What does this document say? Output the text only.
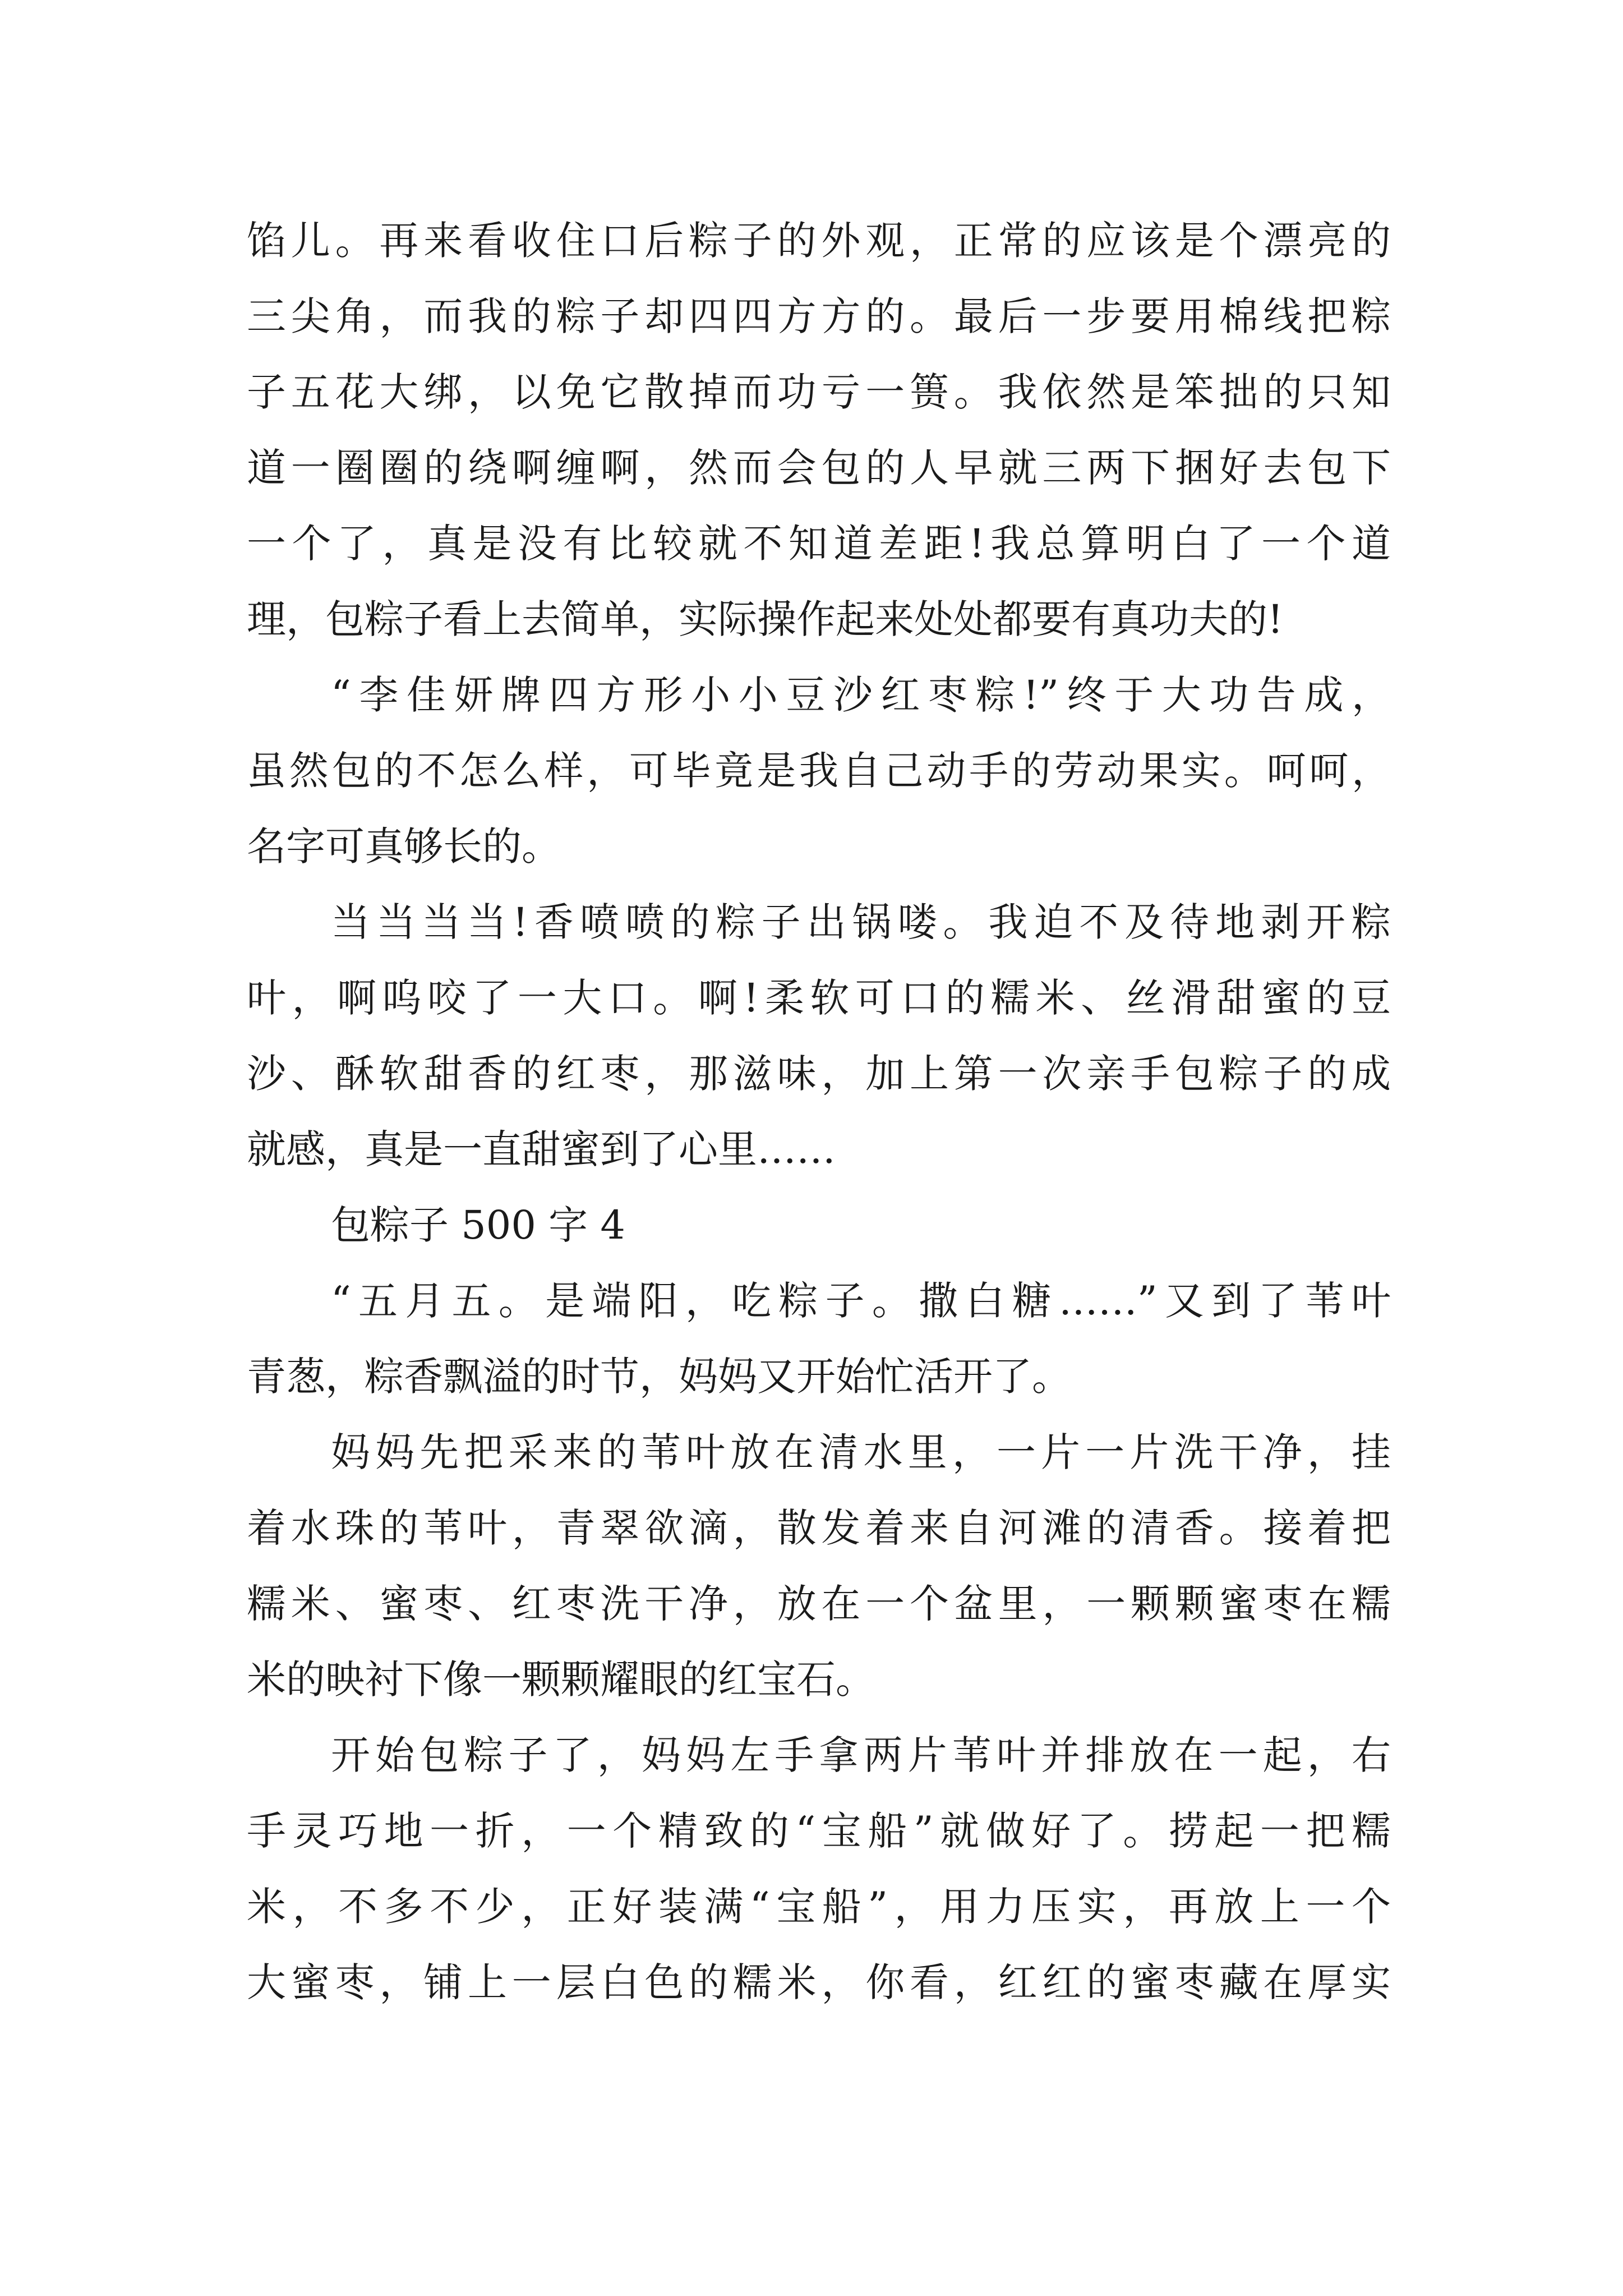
馅儿。再来看收住口后粽子的外观，正常的应该是个漂亮的
三尖角，而我的粽子却四四方方的。最后一步要用棉线把粽
子五花大绑，以免它散掉而功亏一篑。我依然是笨拙的只知
道一圈圈的绕啊缠啊，然而会包的人早就三两下捆好去包下
一个了，真是没有比较就不知道差距!我总算明白了一个道
理，包粽子看上去简单，实际操作起来处处都要有真功夫的!
“李佳妍牌四方形小小豆沙红枣粽!”终于大功告成，
虽然包的不怎么样，可毕竟是我自己动手的劳动果实。呵呵，
名字可真够长的。
当当当当!香喷喷的粽子出锅喽。我迫不及待地剥开粽
叶，啊呜咬了一大口。啊!柔软可口的糯米、丝滑甜蜜的豆
沙、酥软甜香的红枣，那滋味，加上第一次亲手包粽子的成
就感，真是一直甜蜜到了心里……
包粽子 500 字 4
“五月五。是端阳，吃粽子。撒白糖……”又到了苇叶
青葱，粽香飘溢的时节，妈妈又开始忙活开了。
妈妈先把采来的苇叶放在清水里，一片一片洗干净，挂
着水珠的苇叶，青翠欲滴，散发着来自河滩的清香。接着把
糯米、蜜枣、红枣洗干净，放在一个盆里，一颗颗蜜枣在糯
米的映衬下像一颗颗耀眼的红宝石。
开始包粽子了，妈妈左手拿两片苇叶并排放在一起，右
手灵巧地一折，一个精致的“宝船”就做好了。捞起一把糯
米，不多不少，正好装满“宝船”，用力压实，再放上一个
大蜜枣，铺上一层白色的糯米，你看，红红的蜜枣藏在厚实
